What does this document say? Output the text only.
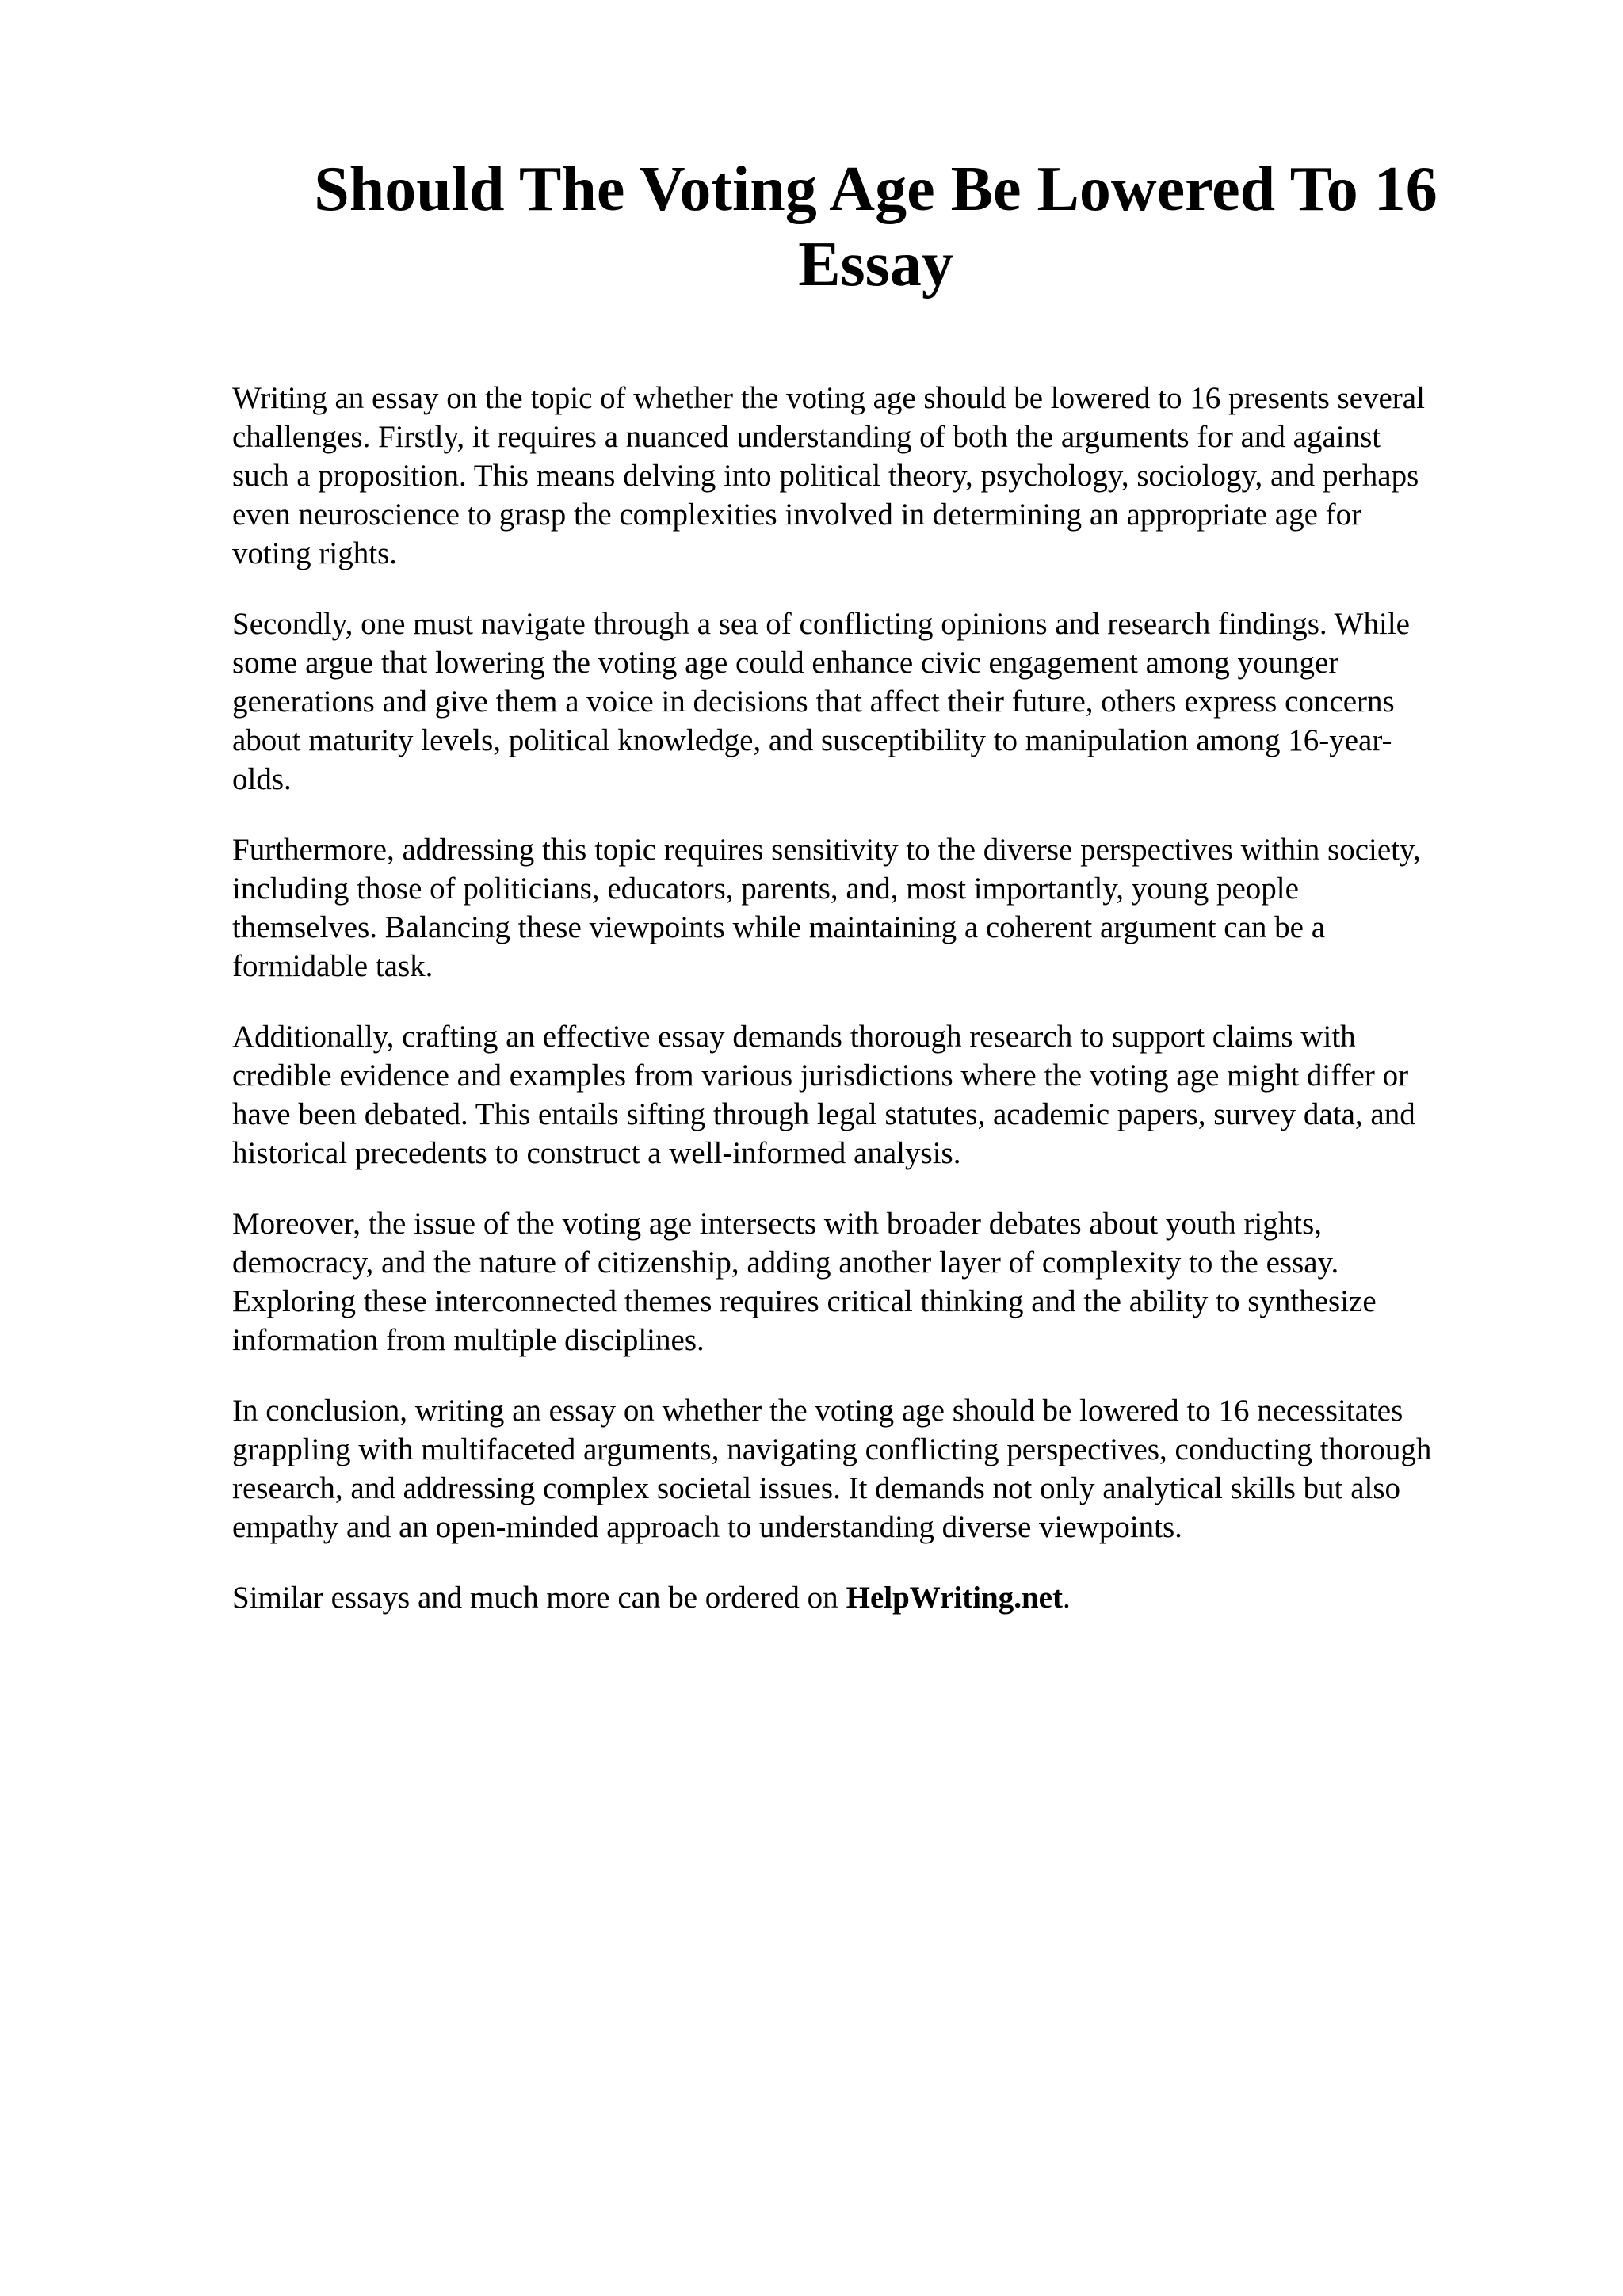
Should The Voting Age Be Lowered To 16
Essay

Writing an essay on the topic of whether the voting age should be lowered to 16 presents several
challenges. Firstly, it requires a nuanced understanding of both the arguments for and against
such a proposition. This means delving into political theory, psychology, sociology, and perhaps
even neuroscience to grasp the complexities involved in determining an appropriate age for
voting rights.

Secondly, one must navigate through a sea of conflicting opinions and research findings. While
some argue that lowering the voting age could enhance civic engagement among younger
generations and give them a voice in decisions that affect their future, others express concerns
about maturity levels, political knowledge, and susceptibility to manipulation among 16-year-
olds.

Furthermore, addressing this topic requires sensitivity to the diverse perspectives within society,
including those of politicians, educators, parents, and, most importantly, young people
themselves. Balancing these viewpoints while maintaining a coherent argument can be a
formidable task.

Additionally, crafting an effective essay demands thorough research to support claims with
credible evidence and examples from various jurisdictions where the voting age might differ or
have been debated. This entails sifting through legal statutes, academic papers, survey data, and
historical precedents to construct a well-informed analysis.

Moreover, the issue of the voting age intersects with broader debates about youth rights,
democracy, and the nature of citizenship, adding another layer of complexity to the essay.
Exploring these interconnected themes requires critical thinking and the ability to synthesize
information from multiple disciplines.

In conclusion, writing an essay on whether the voting age should be lowered to 16 necessitates
grappling with multifaceted arguments, navigating conflicting perspectives, conducting thorough
research, and addressing complex societal issues. It demands not only analytical skills but also
empathy and an open-minded approach to understanding diverse viewpoints.

Similar essays and much more can be ordered on HelpWriting.net.
